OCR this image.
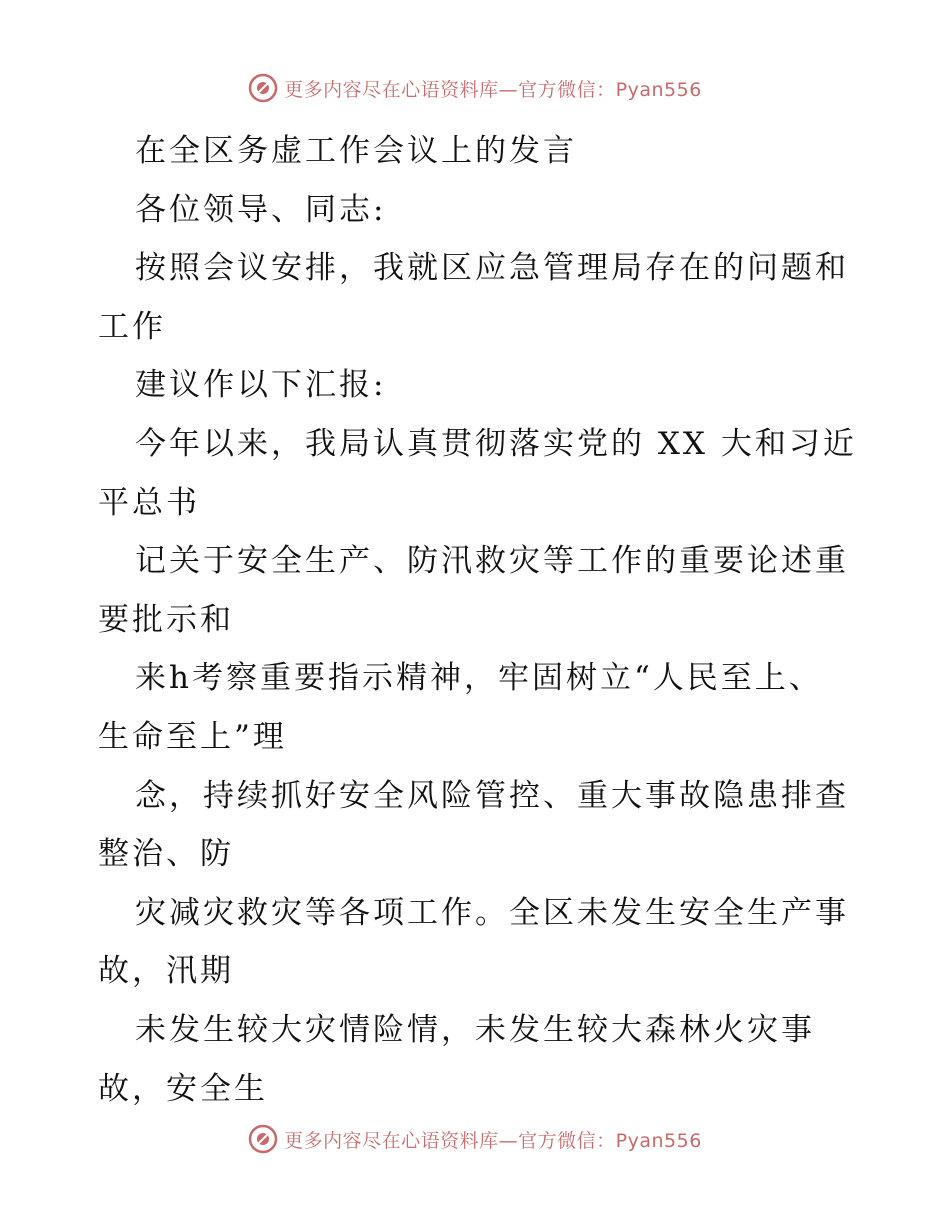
更多内容尽在心语资料库—官方微信：Pyan556
在全区务虚工作会议上的发言
各位领导、同志:
按照会议安排，我就区应急管理局存在的问题和
工作
建议作以下汇报:
今年以来，我局认真贯彻落实党的 XX 大和习近
平总书
记关于安全生产、防汛救灾等工作的重要论述重
要批示和
来h考察重要指示精神，牢固树立“人民至上、
生命至上”理
念，持续抓好安全风险管控、重大事故隐患排查
整治、防
灾减灾救灾等各项工作。全区未发生安全生产事
故，汛期
未发生较大灾情险情，未发生较大森林火灾事
故，安全生
更多内容尽在心语资料库—官方微信：Pyan556
